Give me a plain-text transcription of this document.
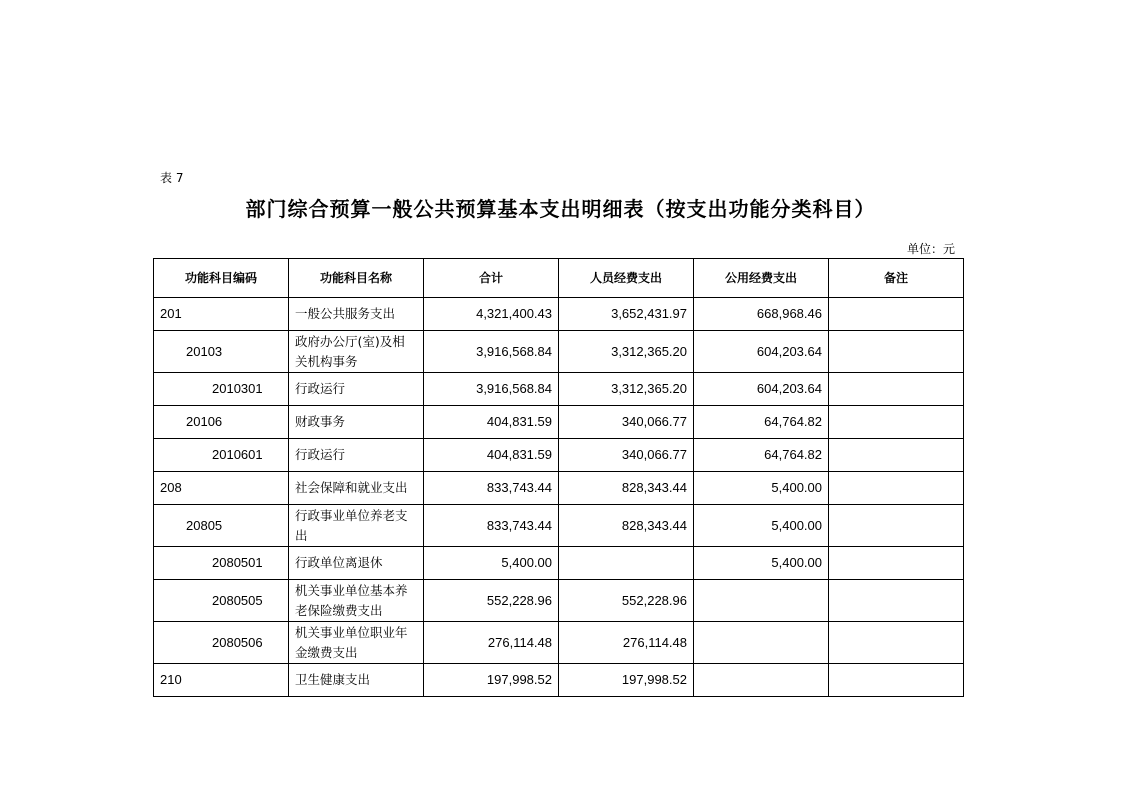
表 7
部门综合预算一般公共预算基本支出明细表（按支出功能分类科目）
单位：元
功能科目编码	功能科目名称	合计	人员经费支出	公用经费支出	备注
201	一般公共服务支出	4,321,400.43	3,652,431.97	668,968.46	
20103	政府办公厅(室)及相关机构事务	3,916,568.84	3,312,365.20	604,203.64	
2010301	行政运行	3,916,568.84	3,312,365.20	604,203.64	
20106	财政事务	404,831.59	340,066.77	64,764.82	
2010601	行政运行	404,831.59	340,066.77	64,764.82	
208	社会保障和就业支出	833,743.44	828,343.44	5,400.00	
20805	行政事业单位养老支出	833,743.44	828,343.44	5,400.00	
2080501	行政单位离退休	5,400.00		5,400.00	
2080505	机关事业单位基本养老保险缴费支出	552,228.96	552,228.96		
2080506	机关事业单位职业年金缴费支出	276,114.48	276,114.48		
210	卫生健康支出	197,998.52	197,998.52		
